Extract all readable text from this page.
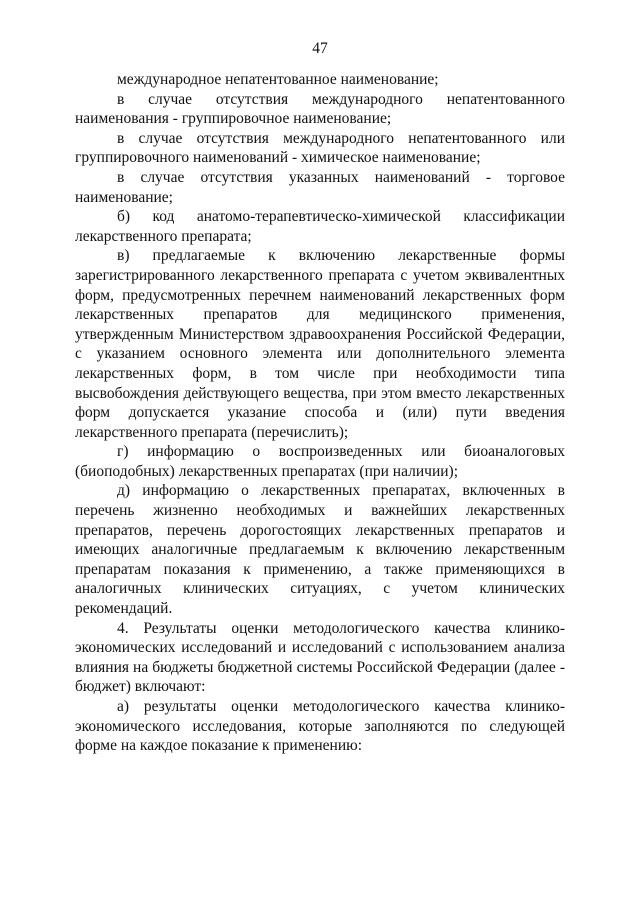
47

международное непатентованное наименование;

в случае отсутствия международного непатентованного наименования - группировочное наименование;

в случае отсутствия международного непатентованного или группировочного наименований - химическое наименование;

в случае отсутствия указанных наименований - торговое наименование;

б) код анатомо-терапевтическо-химической классификации лекарственного препарата;

в) предлагаемые к включению лекарственные формы зарегистрированного лекарственного препарата с учетом эквивалентных форм, предусмотренных перечнем наименований лекарственных форм лекарственных препаратов для медицинского применения, утвержденным Министерством здравоохранения Российской Федерации, с указанием основного элемента или дополнительного элемента лекарственных форм, в том числе при необходимости типа высвобождения действующего вещества, при этом вместо лекарственных форм допускается указание способа и (или) пути введения лекарственного препарата (перечислить);

г) информацию о воспроизведенных или биоаналоговых (биоподобных) лекарственных препаратах (при наличии);

д) информацию о лекарственных препаратах, включенных в перечень жизненно необходимых и важнейших лекарственных препаратов, перечень дорогостоящих лекарственных препаратов и имеющих аналогичные предлагаемым к включению лекарственным препаратам показания к применению, а также применяющихся в аналогичных клинических ситуациях, с учетом клинических рекомендаций.

4. Результаты оценки методологического качества клинико-экономических исследований и исследований с использованием анализа влияния на бюджеты бюджетной системы Российской Федерации (далее - бюджет) включают:

а) результаты оценки методологического качества клинико-экономического исследования, которые заполняются по следующей форме на каждое показание к применению:
